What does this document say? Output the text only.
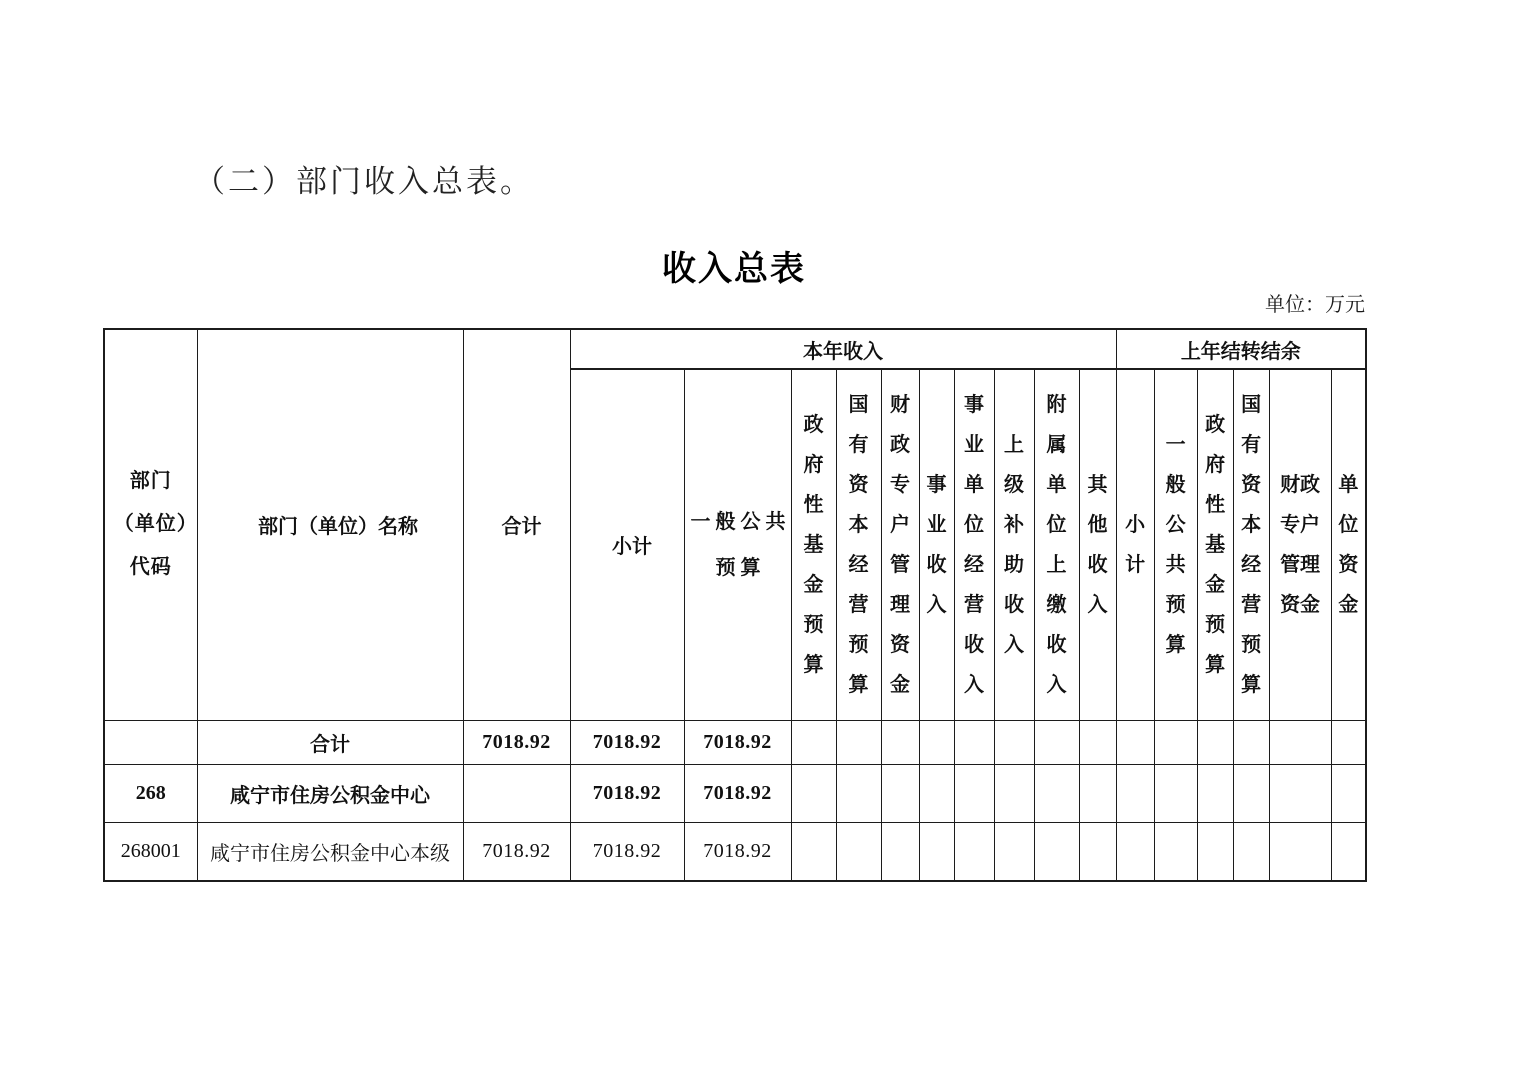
（二）部门收入总表。
收入总表
单位：万元
部门（单位）代码	部门（单位）名称	合计	本年收入										上年结转结余					
			小计	一般公共预算	政府性基金预算	国有资本经营预算	财政专户管理资金	事业收入	事业单位经营收入	上级补助收入	附属单位上缴收入	其他收入	小计	一般公共预算	政府性基金预算	国有资本经营预算	财政专户管理资金	单位资金
	合计	7018.92	7018.92	7018.92														
268	咸宁市住房公积金中心		7018.92	7018.92														
268001	咸宁市住房公积金中心本级	7018.92	7018.92	7018.92														
